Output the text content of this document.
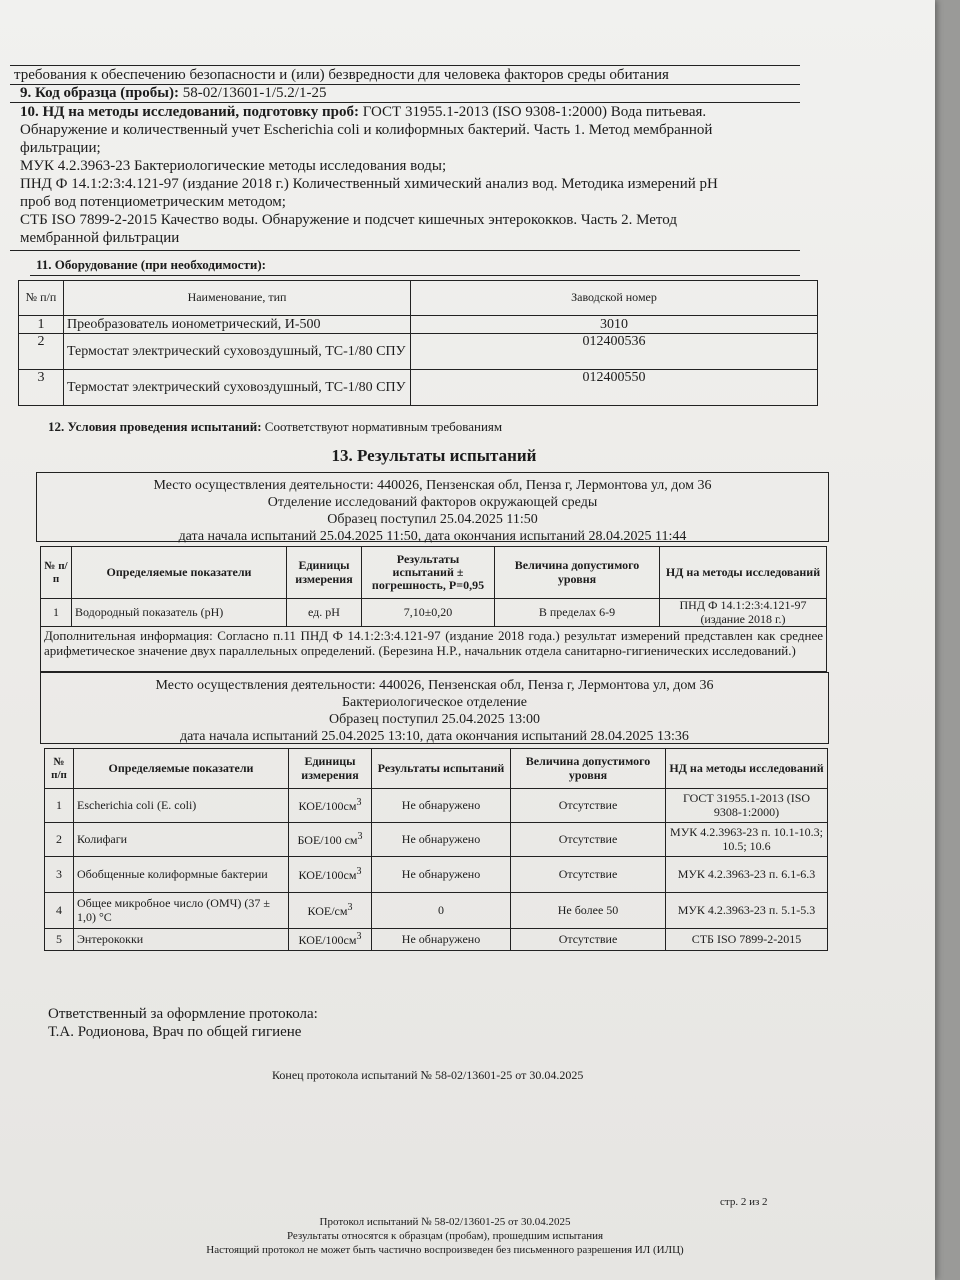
требования к обеспечению безопасности и (или) безвредности для человека факторов среды обитания
9. Код образца (пробы): 58-02/13601-1/5.2/1-25
10. НД на методы исследований, подготовку проб: ГОСТ 31955.1-2013 (ISO 9308-1:2000) Вода питьевая.
Обнаружение и количественный учет Escherichia coli и колиформных бактерий. Часть 1. Метод мембранной
фильтрации;
МУК 4.2.3963-23 Бактериологические методы исследования воды;
ПНД Ф 14.1:2:3:4.121-97 (издание 2018 г.) Количественный химический анализ вод. Методика измерений pH
проб вод потенциометрическим методом;
СТБ ISO 7899-2-2015 Качество воды. Обнаружение и подсчет кишечных энтерококков. Часть 2. Метод
мембранной фильтрации
11. Оборудование (при необходимости):
№ п/п	Наименование, тип	Заводской номер
1	Преобразователь ионометрический, И-500	3010
2	Термостат электрический суховоздушный, ТС-1/80 СПУ	012400536
3	Термостат электрический суховоздушный, ТС-1/80 СПУ	012400550
12. Условия проведения испытаний: Соответствуют нормативным требованиям
13. Результаты испытаний
Место осуществления деятельности: 440026, Пензенская обл, Пенза г, Лермонтова ул, дом 36
Отделение исследований факторов окружающей среды
Образец поступил 25.04.2025 11:50
дата начала испытаний 25.04.2025 11:50, дата окончания испытаний 28.04.2025 11:44
№ п/п	Определяемые показатели	Единицы измерения	Результаты испытаний ± погрешность, Р=0,95	Величина допустимого уровня	НД на методы исследований
1	Водородный показатель (pH)	ед. pH	7,10±0,20	В пределах 6-9	ПНД Ф 14.1:2:3:4.121-97 (издание 2018 г.)
Дополнительная информация: Согласно п.11 ПНД Ф 14.1:2:3:4.121-97 (издание 2018 года.) результат измерений представлен как среднее арифметическое значение двух параллельных определений. (Березина Н.Р., начальник отдела санитарно-гигиенических исследований.)
Место осуществления деятельности: 440026, Пензенская обл, Пенза г, Лермонтова ул, дом 36
Бактериологическое отделение
Образец поступил 25.04.2025 13:00
дата начала испытаний 25.04.2025 13:10, дата окончания испытаний 28.04.2025 13:36
№ п/п	Определяемые показатели	Единицы измерения	Результаты испытаний	Величина допустимого уровня	НД на методы исследований
1	Escherichia coli (E. coli)	КОЕ/$100см^3$	Не обнаружено	Отсутствие	ГОСТ 31955.1-2013 (ISO 9308-1:2000)
2	Колифаги	БОЕ/100 $см^3$	Не обнаружено	Отсутствие	МУК 4.2.3963-23 п. 10.1-10.3; 10.5; 10.6
3	Обобщенные колиформные бактерии	КОЕ/$100см^3$	Не обнаружено	Отсутствие	МУК 4.2.3963-23 п. 6.1-6.3
4	Общее микробное число (ОМЧ) (37 ± 1,0) °С	КОЕ/$см^3$	0	Не более 50	МУК 4.2.3963-23 п. 5.1-5.3
5	Энтерококки	КОЕ/$100см^3$	Не обнаружено	Отсутствие	СТБ ISO 7899-2-2015
Ответственный за оформление протокола:
Т.А. Родионова, Врач по общей гигиене
Конец протокола испытаний № 58-02/13601-25 от 30.04.2025
стр. 2 из 2
Протокол испытаний № 58-02/13601-25 от 30.04.2025
Результаты относятся к образцам (пробам), прошедшим испытания
Настоящий протокол не может быть частично воспроизведен без письменного разрешения ИЛ (ИЛЦ)
